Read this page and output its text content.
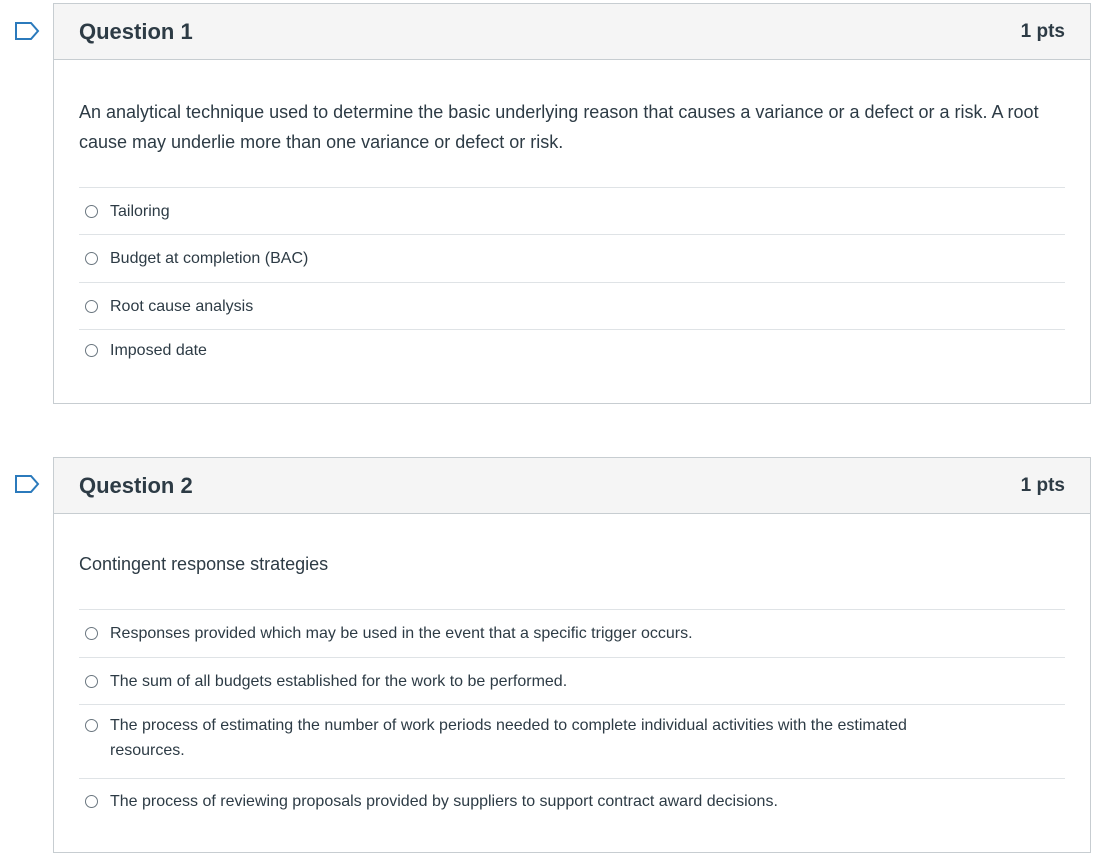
Question 1	1 pts
An analytical technique used to determine the basic underlying reason that causes a variance or a defect or a risk. A root cause may underlie more than one variance or defect or risk.
Tailoring
Budget at completion (BAC)
Root cause analysis
Imposed date
Question 2	1 pts
Contingent response strategies
Responses provided which may be used in the event that a specific trigger occurs.
The sum of all budgets established for the work to be performed.
The process of estimating the number of work periods needed to complete individual activities with the estimated resources.
The process of reviewing proposals provided by suppliers to support contract award decisions.
